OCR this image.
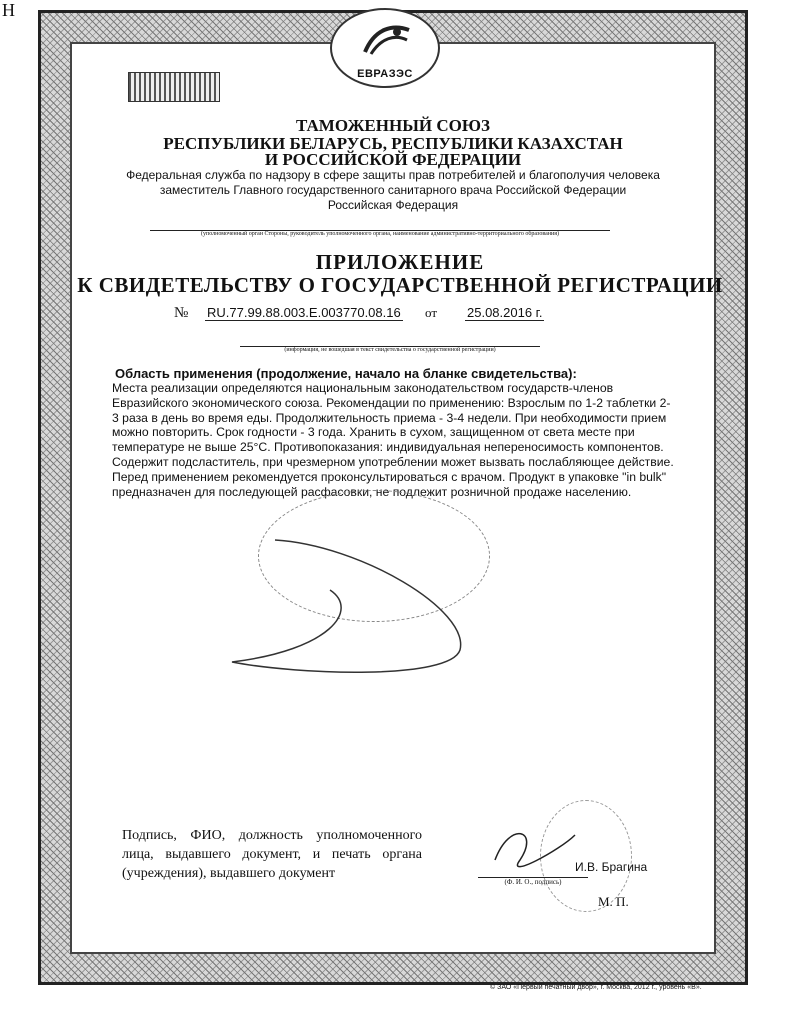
Н
ЕВРАЗЭС
ТАМОЖЕННЫЙ СОЮЗ
РЕСПУБЛИКИ БЕЛАРУСЬ, РЕСПУБЛИКИ КАЗАХСТАН
И РОССИЙСКОЙ ФЕДЕРАЦИИ
Федеральная служба по надзору в сфере защиты прав потребителей и благополучия человека
заместитель Главного государственного санитарного врача Российской Федерации
Российская Федерация
(уполномоченный орган Стороны, руководитель уполномоченного органа, наименование административно-территориального образования)
ПРИЛОЖЕНИЕ
К СВИДЕТЕЛЬСТВУ О ГОСУДАРСТВЕННОЙ РЕГИСТРАЦИИ
№ RU.77.99.88.003.Е.003770.08.16 от 25.08.2016 г.
(информация, не вошедшая в текст свидетельства о государственной регистрации)
Область применения (продолжение, начало на бланке свидетельства):
Места реализации определяются национальным законодательством государств-членов
Евразийского экономического союза. Рекомендации по применению: Взрослым по 1-2 таблетки 2-
3 раза в день во время еды. Продолжительность приема - 3-4 недели. При необходимости прием
можно повторить. Срок годности - 3 года. Хранить в сухом, защищенном от света месте при
температуре не выше 25°С. Противопоказания: индивидуальная непереносимость компонентов.
Содержит подсластитель, при чрезмерном употреблении может вызвать послабляющее действие.
Перед применением рекомендуется проконсультироваться с врачом. Продукт в упаковке "in bulk"
предназначен для последующей расфасовки, не подлежит розничной продаже населению.
Подпись, ФИО, должность уполномоченного лица, выдавшего документ, и печать органа (учреждения), выдавшего документ	И.В. Брагина
(Ф. И. О., подпись)
М. П.
© ЗАО «Первый печатный двор», г. Москва, 2012 г., уровень «В».
